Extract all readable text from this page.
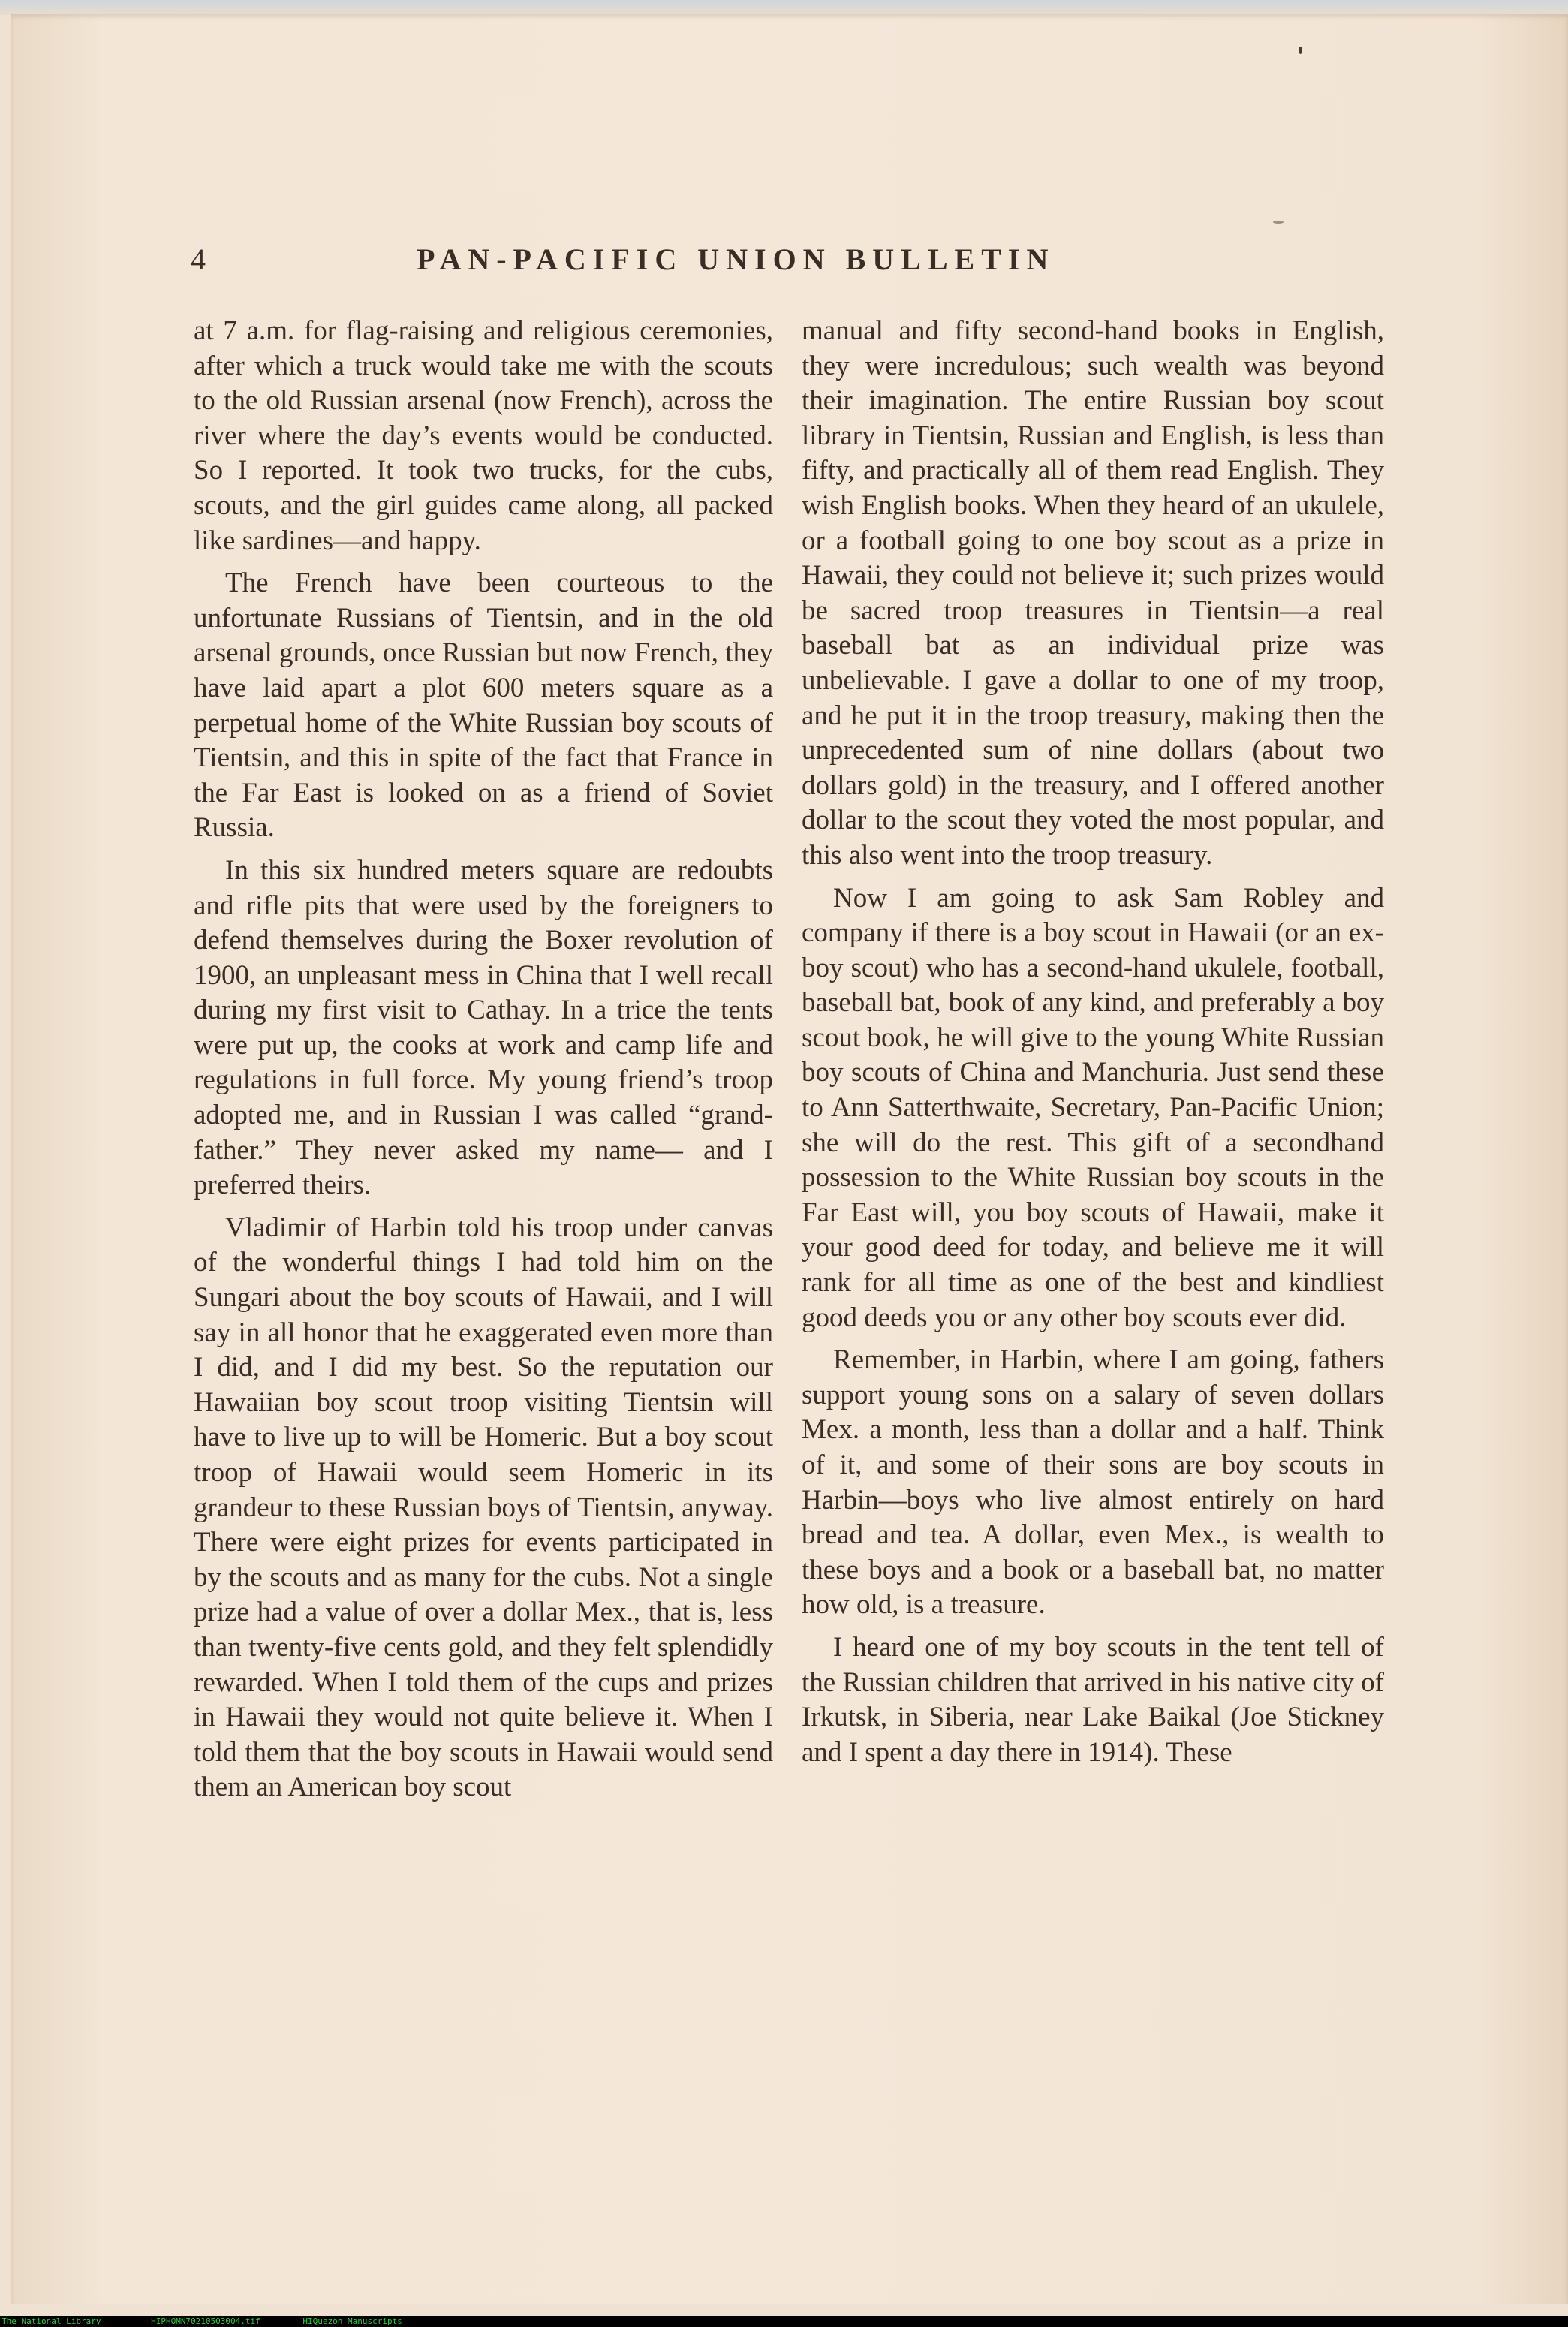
4	PAN-PACIFIC UNION BULLETIN

at 7 a.m. for flag-raising and religious ceremonies, after which a truck would take me with the scouts to the old Russian arsenal (now French), across the river where the day’s events would be conducted. So I reported. It took two trucks, for the cubs, scouts, and the girl guides came along, all packed like sardines—and happy.

The French have been courteous to the unfortunate Russians of Tientsin, and in the old arsenal grounds, once Russian but now French, they have laid apart a plot 600 meters square as a perpetual home of the White Russian boy scouts of Tientsin, and this in spite of the fact that France in the Far East is looked on as a friend of Soviet Russia.

In this six hundred meters square are redoubts and rifle pits that were used by the foreigners to defend themselves during the Boxer revolution of 1900, an unpleasant mess in China that I well recall during my first visit to Cathay. In a trice the tents were put up, the cooks at work and camp life and regulations in full force. My young friend’s troop adopted me, and in Russian I was called “grandfather.” They never asked my name— and I preferred theirs.

Vladimir of Harbin told his troop under canvas of the wonderful things I had told him on the Sungari about the boy scouts of Hawaii, and I will say in all honor that he exaggerated even more than I did, and I did my best. So the reputation our Hawaiian boy scout troop visiting Tientsin will have to live up to will be Homeric. But a boy scout troop of Hawaii would seem Homeric in its grandeur to these Russian boys of Tientsin, anyway. There were eight prizes for events participated in by the scouts and as many for the cubs. Not a single prize had a value of over a dollar Mex., that is, less than twenty-five cents gold, and they felt splendidly rewarded. When I told them of the cups and prizes in Hawaii they would not quite believe it. When I told them that the boy scouts in Hawaii would send them an American boy scout

manual and fifty second-hand books in English, they were incredulous; such wealth was beyond their imagination. The entire Russian boy scout library in Tientsin, Russian and English, is less than fifty, and practically all of them read English. They wish English books. When they heard of an ukulele, or a football going to one boy scout as a prize in Hawaii, they could not believe it; such prizes would be sacred troop treasures in Tientsin—a real baseball bat as an individual prize was unbelievable. I gave a dollar to one of my troop, and he put it in the troop treasury, making then the unprecedented sum of nine dollars (about two dollars gold) in the treasury, and I offered another dollar to the scout they voted the most popular, and this also went into the troop treasury.

Now I am going to ask Sam Robley and company if there is a boy scout in Hawaii (or an ex-boy scout) who has a second-hand ukulele, football, baseball bat, book of any kind, and preferably a boy scout book, he will give to the young White Russian boy scouts of China and Manchuria. Just send these to Ann Satterthwaite, Secretary, Pan-Pacific Union; she will do the rest. This gift of a secondhand possession to the White Russian boy scouts in the Far East will, you boy scouts of Hawaii, make it your good deed for today, and believe me it will rank for all time as one of the best and kindliest good deeds you or any other boy scouts ever did.

Remember, in Harbin, where I am going, fathers support young sons on a salary of seven dollars Mex. a month, less than a dollar and a half. Think of it, and some of their sons are boy scouts in Harbin—boys who live almost entirely on hard bread and tea. A dollar, even Mex., is wealth to these boys and a book or a baseball bat, no matter how old, is a treasure.

I heard one of my boy scouts in the tent tell of the Russian children that arrived in his native city of Irkutsk, in Siberia, near Lake Baikal (Joe Stickney and I spent a day there in 1914). These

The National Library	HIPHOMN70210503004.tif	HIQuezon Manuscripts
